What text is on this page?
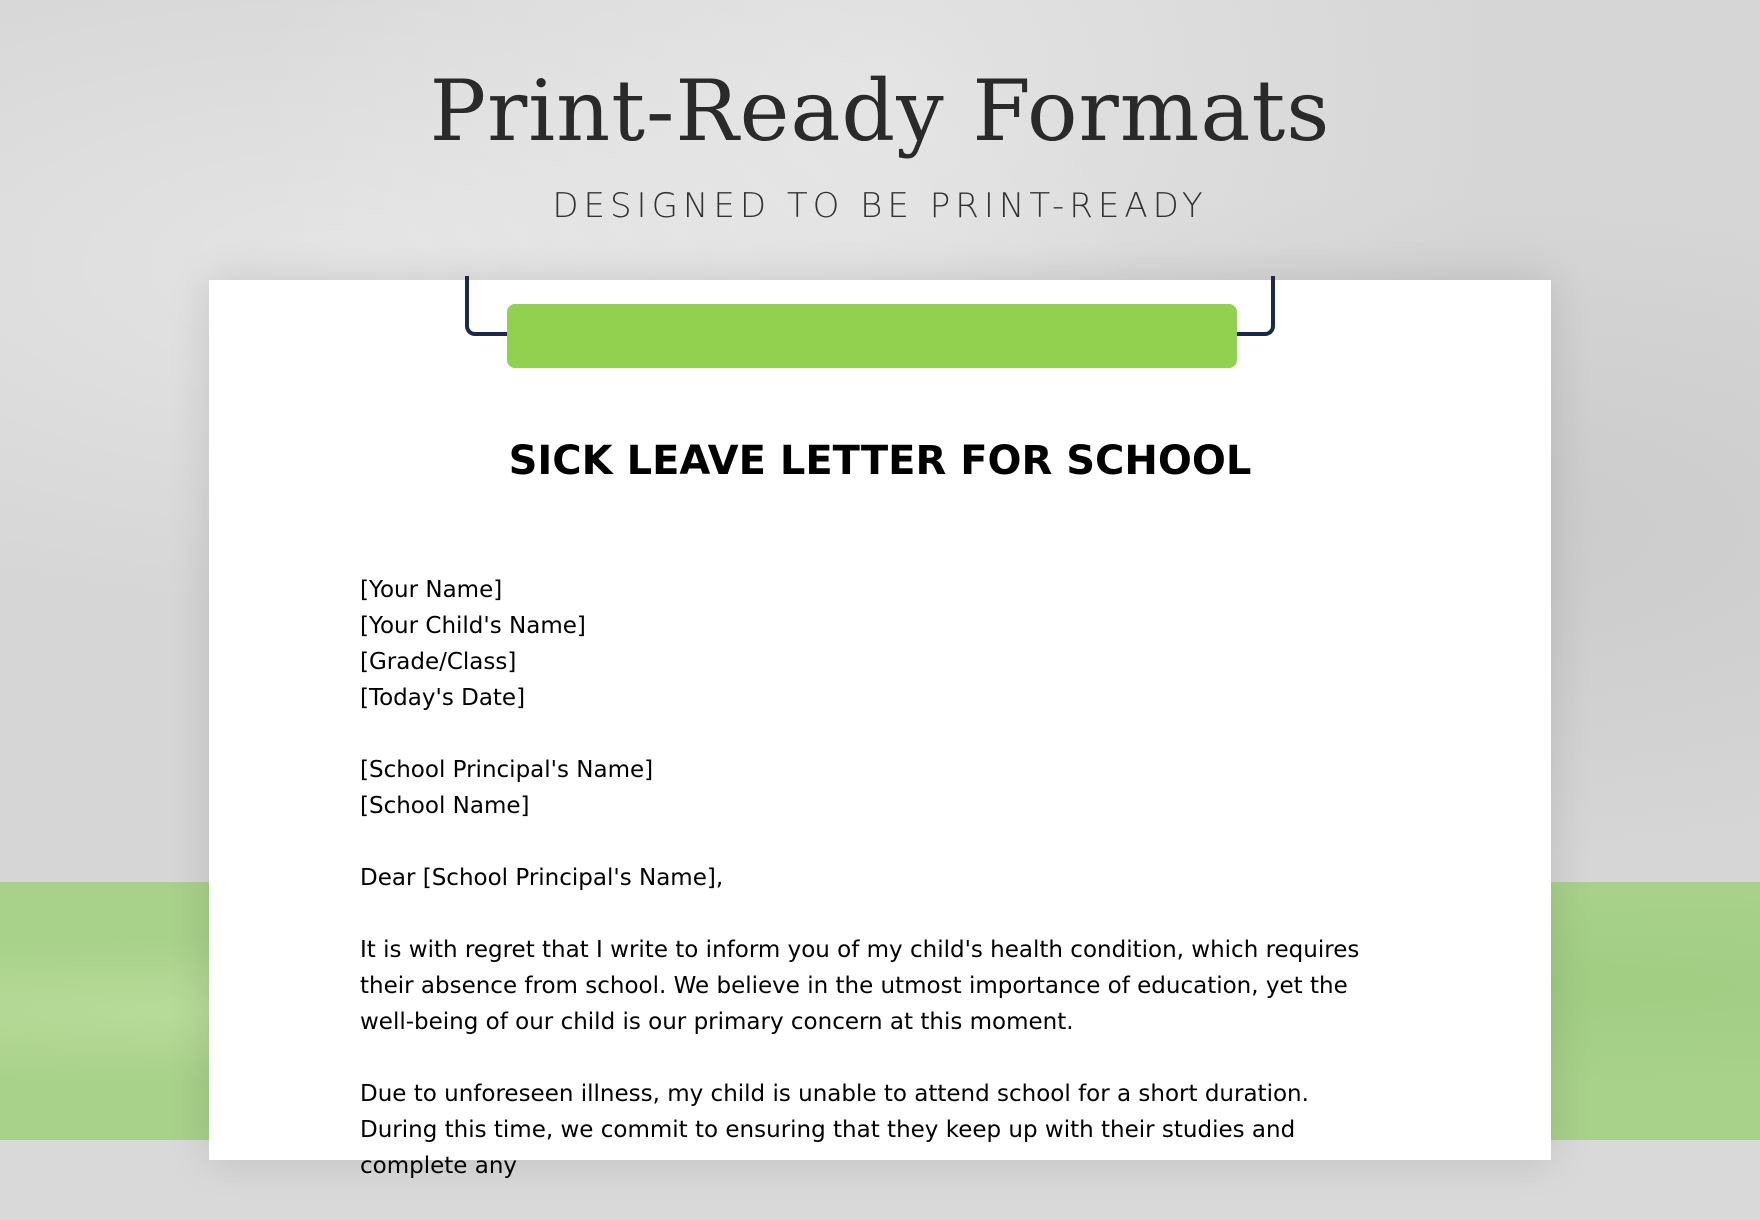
Print-Ready Formats
DESIGNED TO BE PRINT-READY
SICK LEAVE LETTER FOR SCHOOL

[Your Name]
[Your Child's Name]
[Grade/Class]
[Today's Date]

[School Principal's Name]
[School Name]

Dear [School Principal's Name],

It is with regret that I write to inform you of my child's health condition, which requires their absence from school. We believe in the utmost importance of education, yet the well-being of our child is our primary concern at this moment.

Due to unforeseen illness, my child is unable to attend school for a short duration. During this time, we commit to ensuring that they keep up with their studies and complete any
